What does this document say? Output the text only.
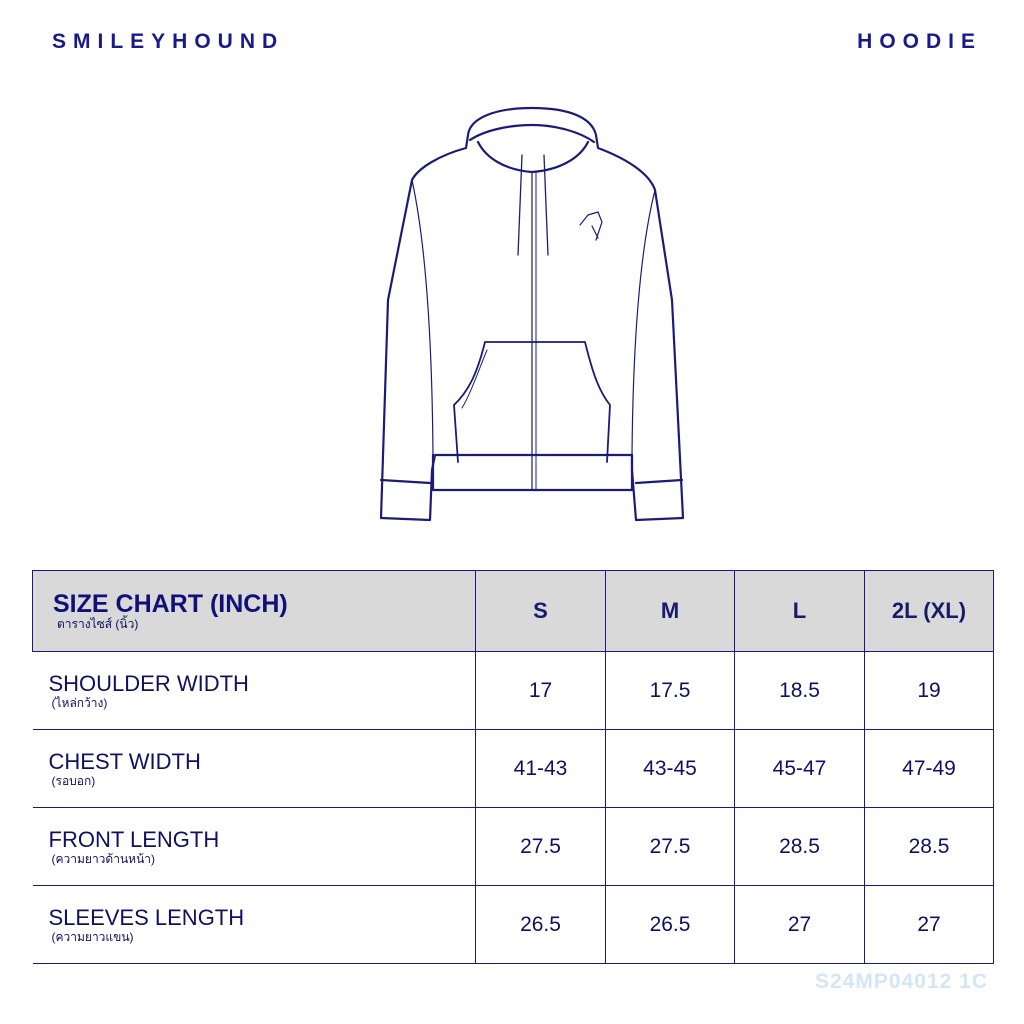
SMILEYHOUND	HOODIE
SIZE CHART (INCH)
ตารางไซส์ (นิ้ว)	S	M	L	2L (XL)

SHOULDER WIDTH
(ไหล่กว้าง)	17	17.5	18.5	19

CHEST WIDTH
(รอบอก)	41-43	43-45	45-47	47-49

FRONT LENGTH
(ความยาวด้านหน้า)	27.5	27.5	28.5	28.5

SLEEVES LENGTH
(ความยาวแขน)	26.5	26.5	27	27
S24MP04012 1C
